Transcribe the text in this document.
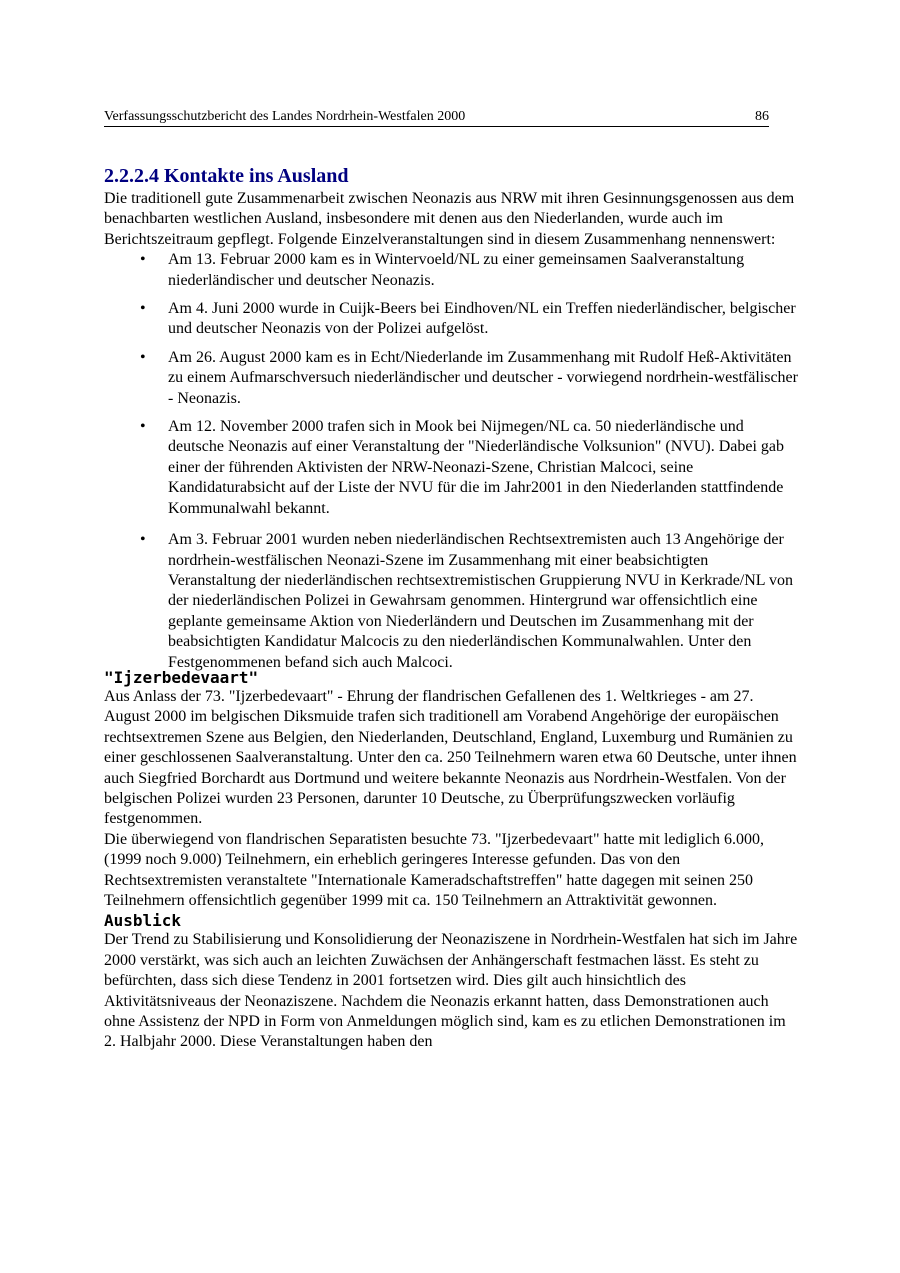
Verfassungsschutzbericht des Landes Nordrhein-Westfalen 2000	86
2.2.2.4 Kontakte ins Ausland

Die traditionell gute Zusammenarbeit zwischen Neonazis aus NRW mit ihren Gesinnungsgenossen aus dem benachbarten westlichen Ausland, insbesondere mit denen aus den Niederlanden, wurde auch im Berichtszeitraum gepflegt. Folgende Einzelveranstaltungen sind in diesem Zusammenhang nennenswert:

• Am 13. Februar 2000 kam es in Wintervoeld/NL zu einer gemeinsamen Saalveranstaltung niederländischer und deutscher Neonazis.
• Am 4. Juni 2000 wurde in Cuijk-Beers bei Eindhoven/NL ein Treffen niederländischer, belgischer und deutscher Neonazis von der Polizei aufgelöst.
• Am 26. August 2000 kam es in Echt/Niederlande im Zusammenhang mit Rudolf Heß-Aktivitäten zu einem Aufmarschversuch niederländischer und deutscher - vorwiegend nordrhein-westfälischer - Neonazis.
• Am 12. November 2000 trafen sich in Mook bei Nijmegen/NL ca. 50 niederländische und deutsche Neonazis auf einer Veranstaltung der "Niederländische Volksunion" (NVU). Dabei gab einer der führenden Aktivisten der NRW-Neonazi-Szene, Christian Malcoci, seine Kandidaturabsicht auf der Liste der NVU für die im Jahr2001 in den Niederlanden stattfindende Kommunalwahl bekannt.
• Am 3. Februar 2001 wurden neben niederländischen Rechtsextremisten auch 13 Angehörige der nordrhein-westfälischen Neonazi-Szene im Zusammenhang mit einer beabsichtigten Veranstaltung der niederländischen rechtsextremistischen Gruppierung NVU in Kerkrade/NL von der niederländischen Polizei in Gewahrsam genommen. Hintergrund war offensichtlich eine geplante gemeinsame Aktion von Niederländern und Deutschen im Zusammenhang mit der beabsichtigten Kandidatur Malcocis zu den niederländischen Kommunalwahlen. Unter den Festgenommenen befand sich auch Malcoci.
"Ijzerbedevaart"

Aus Anlass der 73. "Ijzerbedevaart" - Ehrung der flandrischen Gefallenen des 1. Weltkrieges - am 27. August 2000 im belgischen Diksmuide trafen sich traditionell am Vorabend Angehörige der europäischen rechtsextremen Szene aus Belgien, den Niederlanden, Deutschland, England, Luxemburg und Rumänien zu einer geschlossenen Saalveranstaltung. Unter den ca. 250 Teilnehmern waren etwa 60 Deutsche, unter ihnen auch Siegfried Borchardt aus Dortmund und weitere bekannte Neonazis aus Nordrhein-Westfalen. Von der belgischen Polizei wurden 23 Personen, darunter 10 Deutsche, zu Überprüfungszwecken vorläufig festgenommen.

Die überwiegend von flandrischen Separatisten besuchte 73. "Ijzerbedevaart" hatte mit lediglich 6.000, (1999 noch 9.000) Teilnehmern, ein erheblich geringeres Interesse gefunden. Das von den Rechtsextremisten veranstaltete "Internationale Kameradschaftstreffen" hatte dagegen mit seinen 250 Teilnehmern offensichtlich gegenüber 1999 mit ca. 150 Teilnehmern an Attraktivität gewonnen.

Ausblick

Der Trend zu Stabilisierung und Konsolidierung der Neonaziszene in Nordrhein-Westfalen hat sich im Jahre 2000 verstärkt, was sich auch an leichten Zuwächsen der Anhängerschaft festmachen lässt. Es steht zu befürchten, dass sich diese Tendenz in 2001 fortsetzen wird. Dies gilt auch hinsichtlich des Aktivitätsniveaus der Neonaziszene. Nachdem die Neonazis erkannt hatten, dass Demonstrationen auch ohne Assistenz der NPD in Form von Anmeldungen möglich sind, kam es zu etlichen Demonstrationen im 2. Halbjahr 2000. Diese Veranstaltungen haben den
